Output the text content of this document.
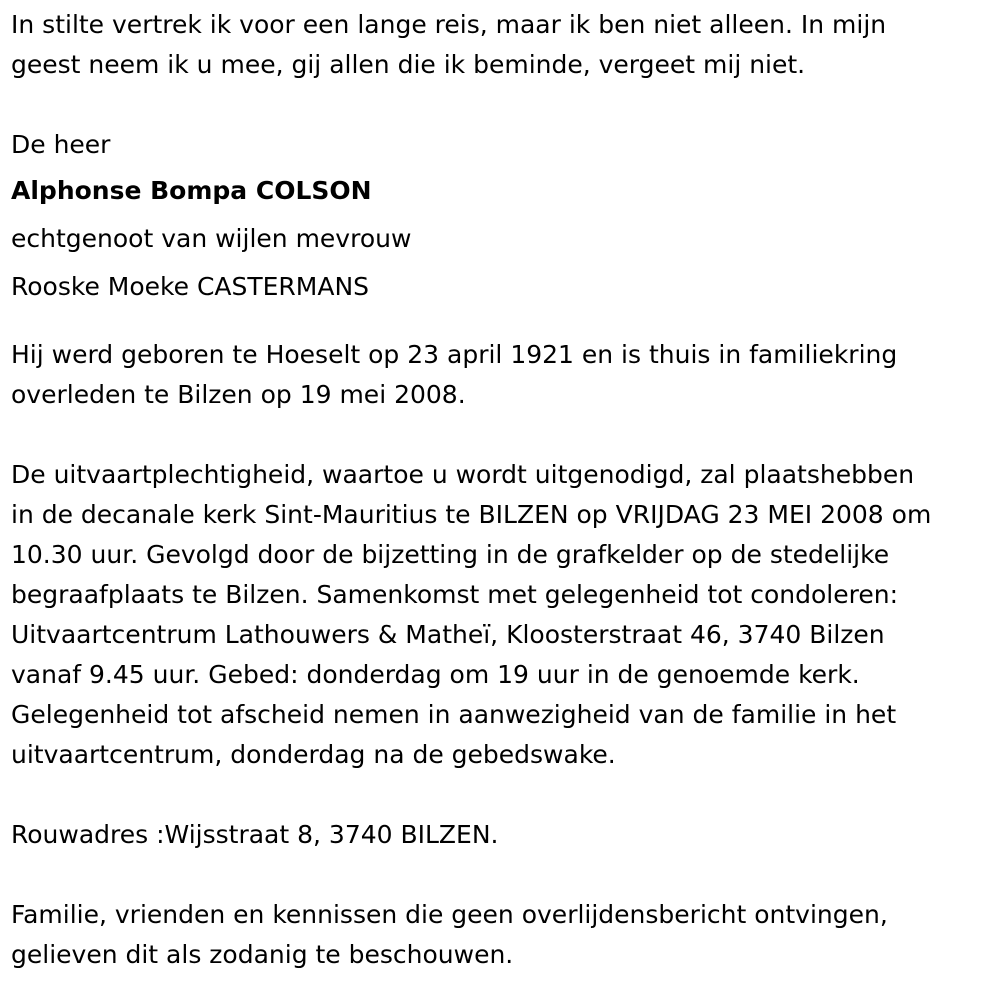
In stilte vertrek ik voor een lange reis, maar ik ben niet alleen. In mijn
geest neem ik u mee, gij allen die ik beminde, vergeet mij niet.

De heer
Alphonse Bompa COLSON
echtgenoot van wijlen mevrouw
Rooske Moeke CASTERMANS

Hij werd geboren te Hoeselt op 23 april 1921 en is thuis in familiekring
overleden te Bilzen op 19 mei 2008.

De uitvaartplechtigheid, waartoe u wordt uitgenodigd, zal plaatshebben
in de decanale kerk Sint-Mauritius te BILZEN op VRIJDAG 23 MEI 2008 om
10.30 uur. Gevolgd door de bijzetting in de grafkelder op de stedelijke
begraafplaats te Bilzen. Samenkomst met gelegenheid tot condoleren:
Uitvaartcentrum Lathouwers & Matheï, Kloosterstraat 46, 3740 Bilzen
vanaf 9.45 uur. Gebed: donderdag om 19 uur in de genoemde kerk.
Gelegenheid tot afscheid nemen in aanwezigheid van de familie in het
uitvaartcentrum, donderdag na de gebedswake.

Rouwadres :Wijsstraat 8, 3740 BILZEN.

Familie, vrienden en kennissen die geen overlijdensbericht ontvingen,
gelieven dit als zodanig te beschouwen.
